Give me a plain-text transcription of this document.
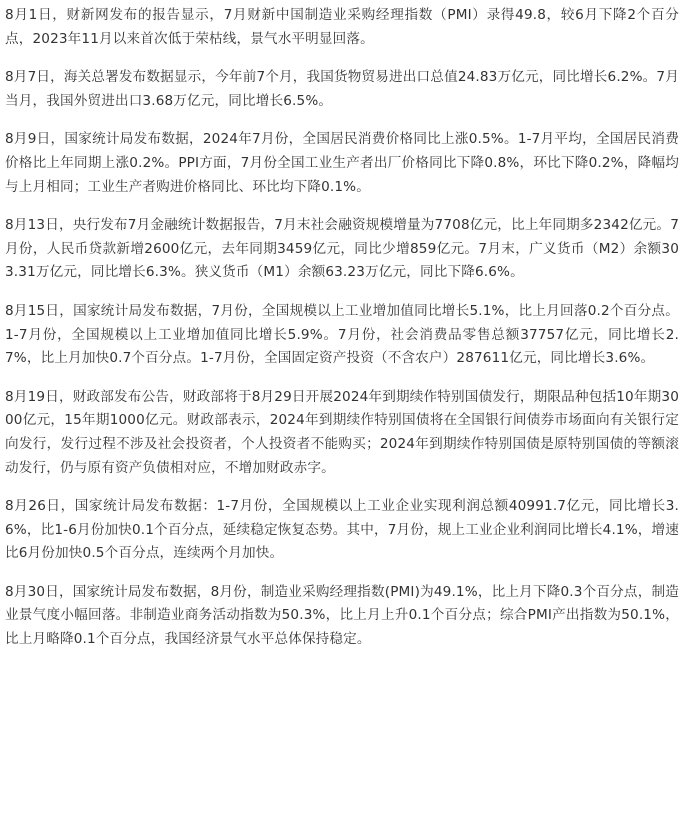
8月1日，财新网发布的报告显示，7月财新中国制造业采购经理指数（PMI）录得49.8，较6月下降2个百分点，2023年11月以来首次低于荣枯线，景气水平明显回落。

8月7日，海关总署发布数据显示，今年前7个月，我国货物贸易进出口总值24.83万亿元，同比增长6.2%。7月当月，我国外贸进出口3.68万亿元，同比增长6.5%。

8月9日，国家统计局发布数据，2024年7月份，全国居民消费价格同比上涨0.5%。1-7月平均，全国居民消费价格比上年同期上涨0.2%。PPI方面，7月份全国工业生产者出厂价格同比下降0.8%，环比下降0.2%，降幅均与上月相同；工业生产者购进价格同比、环比均下降0.1%。

8月13日，央行发布7月金融统计数据报告，7月末社会融资规模增量为7708亿元，比上年同期多2342亿元。7月份，人民币贷款新增2600亿元，去年同期3459亿元，同比少增859亿元。7月末，广义货币（M2）余额303.31万亿元，同比增长6.3%。狭义货币（M1）余额63.23万亿元，同比下降6.6%。

8月15日，国家统计局发布数据，7月份，全国规模以上工业增加值同比增长5.1%，比上月回落0.2个百分点。1-7月份，全国规模以上工业增加值同比增长5.9%。7月份，社会消费品零售总额37757亿元，同比增长2.7%，比上月加快0.7个百分点。1-7月份，全国固定资产投资（不含农户）287611亿元，同比增长3.6%。

8月19日，财政部发布公告，财政部将于8月29日开展2024年到期续作特别国债发行，期限品种包括10年期3000亿元，15年期1000亿元。财政部表示，2024年到期续作特别国债将在全国银行间债券市场面向有关银行定向发行，发行过程不涉及社会投资者，个人投资者不能购买；2024年到期续作特别国债是原特别国债的等额滚动发行，仍与原有资产负债相对应，不增加财政赤字。

8月26日，国家统计局发布数据：1-7月份，全国规模以上工业企业实现利润总额40991.7亿元，同比增长3.6%，比1-6月份加快0.1个百分点，延续稳定恢复态势。其中，7月份，规上工业企业利润同比增长4.1%，增速比6月份加快0.5个百分点，连续两个月加快。

8月30日，国家统计局发布数据，8月份，制造业采购经理指数(PMI)为49.1%，比上月下降0.3个百分点，制造业景气度小幅回落。非制造业商务活动指数为50.3%，比上月上升0.1个百分点；综合PMI产出指数为50.1%，比上月略降0.1个百分点，我国经济景气水平总体保持稳定。
